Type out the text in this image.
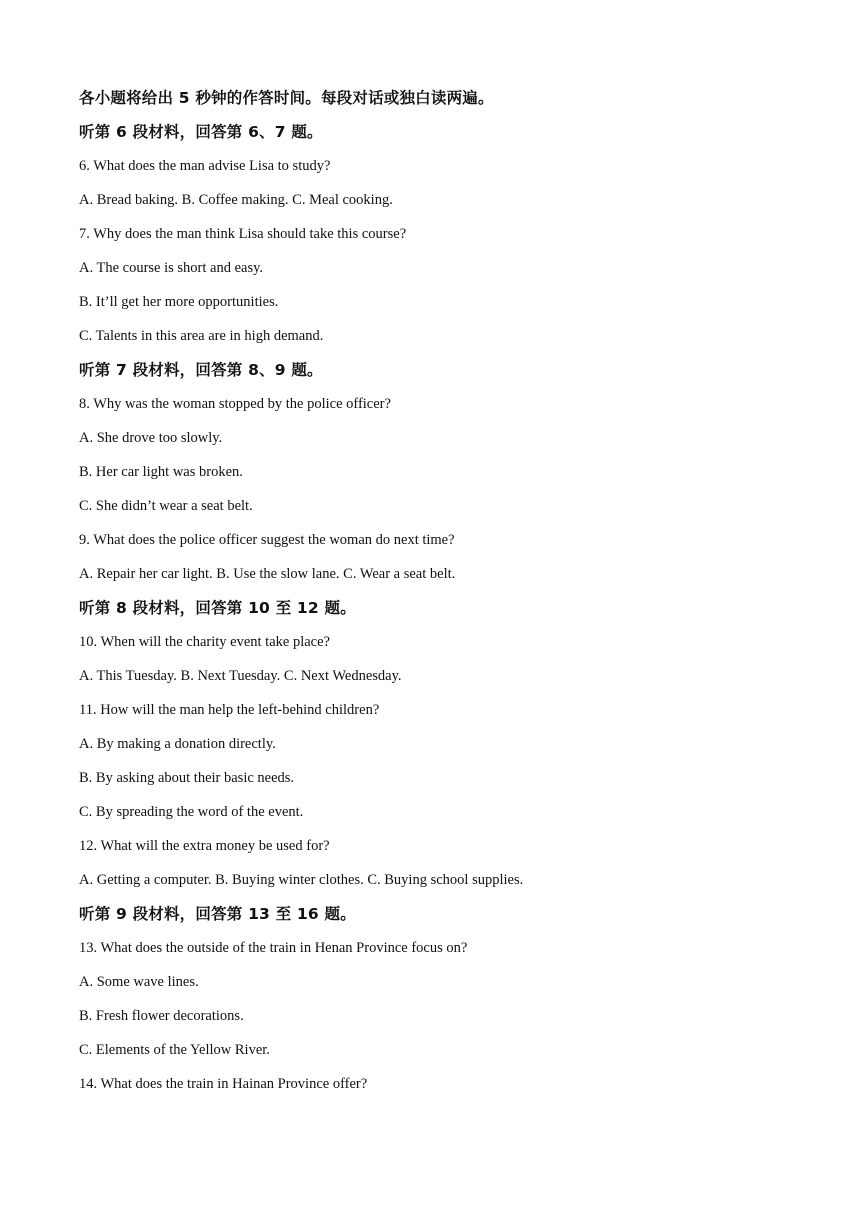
各小题将给出 5 秒钟的作答时间。每段对话或独白读两遍。
听第 6 段材料，回答第 6、7 题。
6. What does the man advise Lisa to study?
A. Bread baking. B. Coffee making. C. Meal cooking.
7. Why does the man think Lisa should take this course?
A. The course is short and easy.
B. It’ll get her more opportunities.
C. Talents in this area are in high demand.
听第 7 段材料，回答第 8、9 题。
8. Why was the woman stopped by the police officer?
A. She drove too slowly.
B. Her car light was broken.
C. She didn’t wear a seat belt.
9. What does the police officer suggest the woman do next time?
A. Repair her car light. B. Use the slow lane. C. Wear a seat belt.
听第 8 段材料，回答第 10 至 12 题。
10. When will the charity event take place?
A. This Tuesday. B. Next Tuesday. C. Next Wednesday.
11. How will the man help the left-behind children?
A. By making a donation directly.
B. By asking about their basic needs.
C. By spreading the word of the event.
12. What will the extra money be used for?
A. Getting a computer. B. Buying winter clothes. C. Buying school supplies.
听第 9 段材料，回答第 13 至 16 题。
13. What does the outside of the train in Henan Province focus on?
A. Some wave lines.
B. Fresh flower decorations.
C. Elements of the Yellow River.
14. What does the train in Hainan Province offer?
